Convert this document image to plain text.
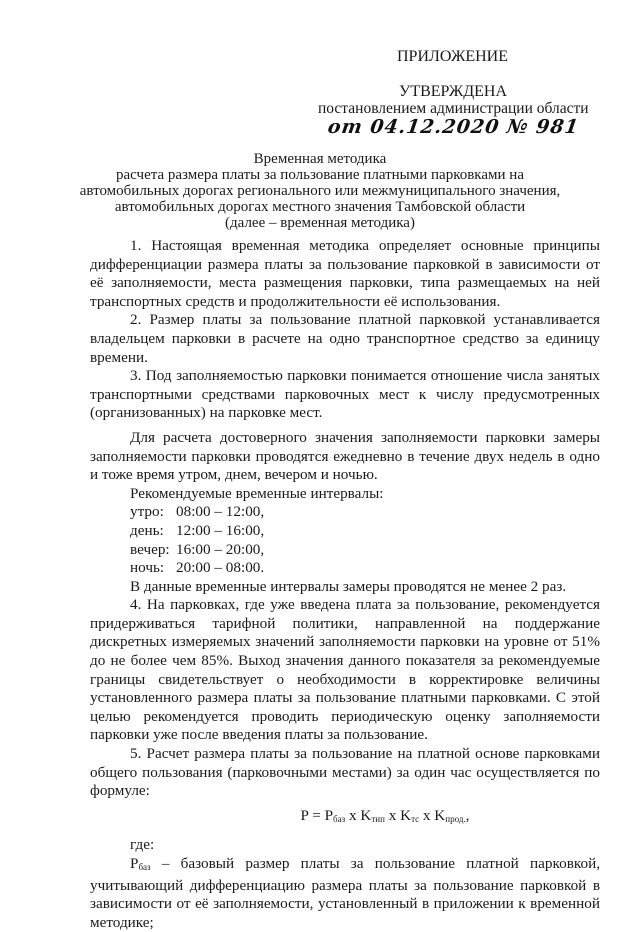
ПРИЛОЖЕНИЕ
УТВЕРЖДЕНА
постановлением администрации области
от 04.12.2020 № 981
Временная методика
расчета размера платы за пользование платными парковками на
автомобильных дорогах регионального или межмуниципального значения,
автомобильных дорогах местного значения Тамбовской области
(далее – временная методика)

1. Настоящая временная методика определяет основные принципы дифференциации размера платы за пользование парковкой в зависимости от её заполняемости, места размещения парковки, типа размещаемых на ней транспортных средств и продолжительности её использования.

2. Размер платы за пользование платной парковкой устанавливается владельцем парковки в расчете на одно транспортное средство за единицу времени.

3. Под заполняемостью парковки понимается отношение числа занятых транспортными средствами парковочных мест к числу предусмотренных (организованных) на парковке мест.

Для расчета достоверного значения заполняемости парковки замеры заполняемости парковки проводятся ежедневно в течение двух недель в одно и тоже время утром, днем, вечером и ночью.

Рекомендуемые временные интервалы:

утро: 08:00 – 12:00,
день: 12:00 – 16:00,
вечер: 16:00 – 20:00,
ночь: 20:00 – 08:00.

В данные временные интервалы замеры проводятся не менее 2 раз.

4. На парковках, где уже введена плата за пользование, рекомендуется придерживаться тарифной политики, направленной на поддержание дискретных измеряемых значений заполняемости парковки на уровне от 51% до не более чем 85%. Выход значения данного показателя за рекомендуемые границы свидетельствует о необходимости в корректировке величины установленного размера платы за пользование платными парковками. С этой целью рекомендуется проводить периодическую оценку заполняемости парковки уже после введения платы за пользование.

5. Расчет размера платы за пользование на платной основе парковками общего пользования (парковочными местами) за один час осуществляется по формуле:

$P = P_{баз}$ x $K_{тип}$ x $K_{тс}$ x $K_{прод.}$,

где:

$P_{баз}$ – базовый размер платы за пользование платной парковкой, учитывающий дифференциацию размера платы за пользование парковкой в зависимости от её заполняемости, установленный в приложении к временной методике;
